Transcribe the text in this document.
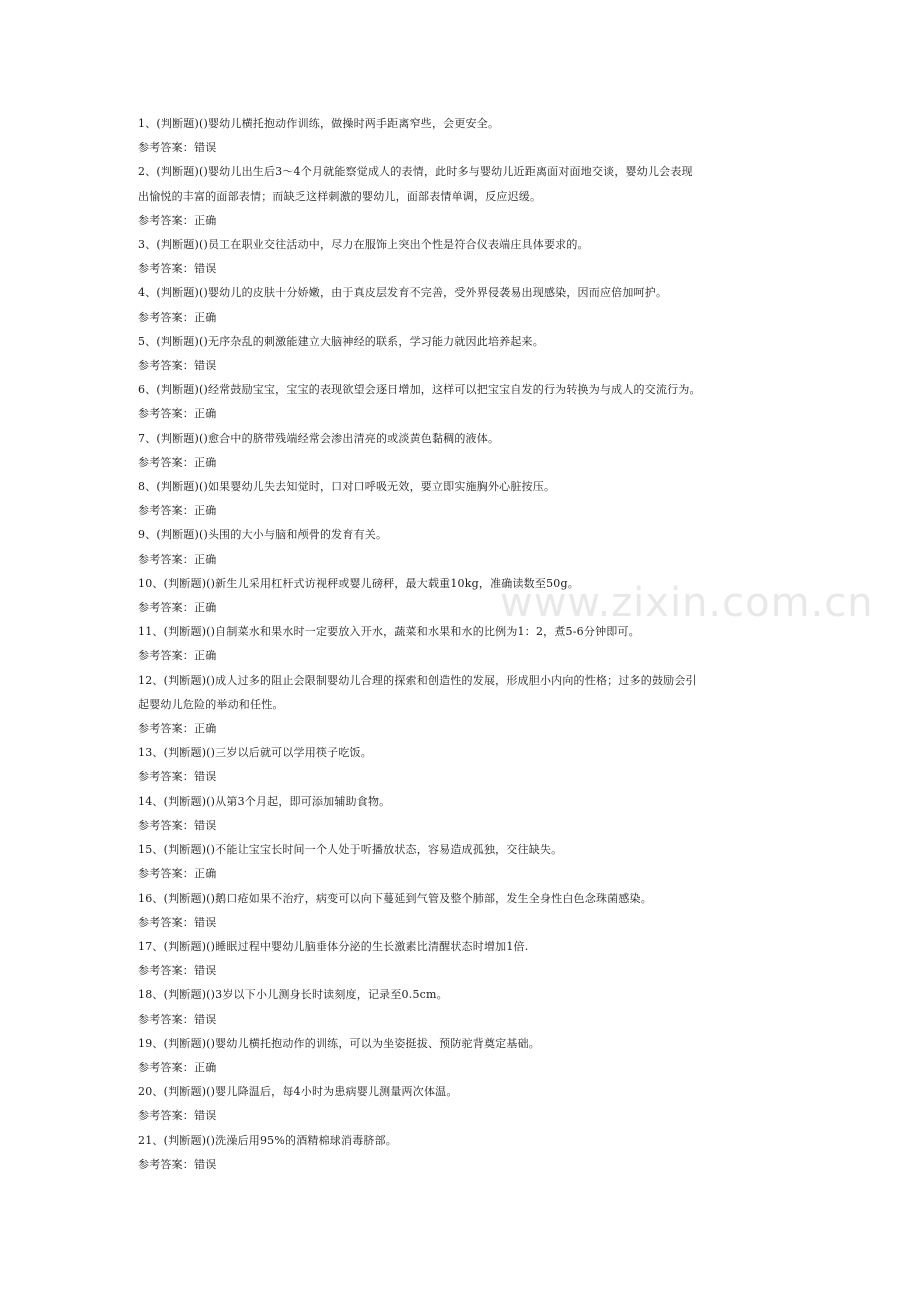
1、(判断题)()婴幼儿横托抱动作训练，做操时两手距离窄些，会更安全。
参考答案：错误
2、(判断题)()婴幼儿出生后3～4个月就能察觉成人的表情，此时多与婴幼儿近距离面对面地交谈，婴幼儿会表现
出愉悦的丰富的面部表情；而缺乏这样刺激的婴幼儿，面部表情单调，反应迟缓。
参考答案：正确
3、(判断题)()员工在职业交往活动中，尽力在服饰上突出个性是符合仪表端庄具体要求的。
参考答案：错误
4、(判断题)()婴幼儿的皮肤十分娇嫩，由于真皮层发育不完善，受外界侵袭易出现感染，因而应倍加呵护。
参考答案：正确
5、(判断题)()无序杂乱的刺激能建立大脑神经的联系，学习能力就因此培养起来。
参考答案：错误
6、(判断题)()经常鼓励宝宝，宝宝的表现欲望会逐日增加，这样可以把宝宝自发的行为转换为与成人的交流行为。
参考答案：正确
7、(判断题)()愈合中的脐带残端经常会渗出清亮的或淡黄色黏稠的液体。
参考答案：正确
8、(判断题)()如果婴幼儿失去知觉时，口对口呼吸无效，要立即实施胸外心脏按压。
参考答案：正确
9、(判断题)()头围的大小与脑和颅骨的发育有关。
参考答案：正确
10、(判断题)()新生儿采用杠杆式访视秤或婴儿磅秤，最大载重10kg，准确读数至50g。
参考答案：正确
11、(判断题)()自制菜水和果水时一定要放入开水，蔬菜和水果和水的比例为1：2，煮5-6分钟即可。
参考答案：正确
12、(判断题)()成人过多的阻止会限制婴幼儿合理的探索和创造性的发展，形成胆小内向的性格；过多的鼓励会引
起婴幼儿危险的举动和任性。
参考答案：正确
13、(判断题)()三岁以后就可以学用筷子吃饭。
参考答案：错误
14、(判断题)()从第3个月起，即可添加辅助食物。
参考答案：错误
15、(判断题)()不能让宝宝长时间一个人处于听播放状态，容易造成孤独，交往缺失。
参考答案：正确
16、(判断题)()鹅口疮如果不治疗，病变可以向下蔓延到气管及整个肺部，发生全身性白色念珠菌感染。
参考答案：错误
17、(判断题)()睡眠过程中婴幼儿脑垂体分泌的生长激素比清醒状态时增加1倍.
参考答案：错误
18、(判断题)()3岁以下小儿测身长时读刻度，记录至0.5cm。
参考答案：错误
19、(判断题)()婴幼儿横托抱动作的训练，可以为坐姿挺拔、预防驼背奠定基础。
参考答案：正确
20、(判断题)()婴儿降温后，每4小时为患病婴儿测量两次体温。
参考答案：错误
21、(判断题)()洗澡后用95%的酒精棉球消毒脐部。
参考答案：错误
www.zixin.com.cn
